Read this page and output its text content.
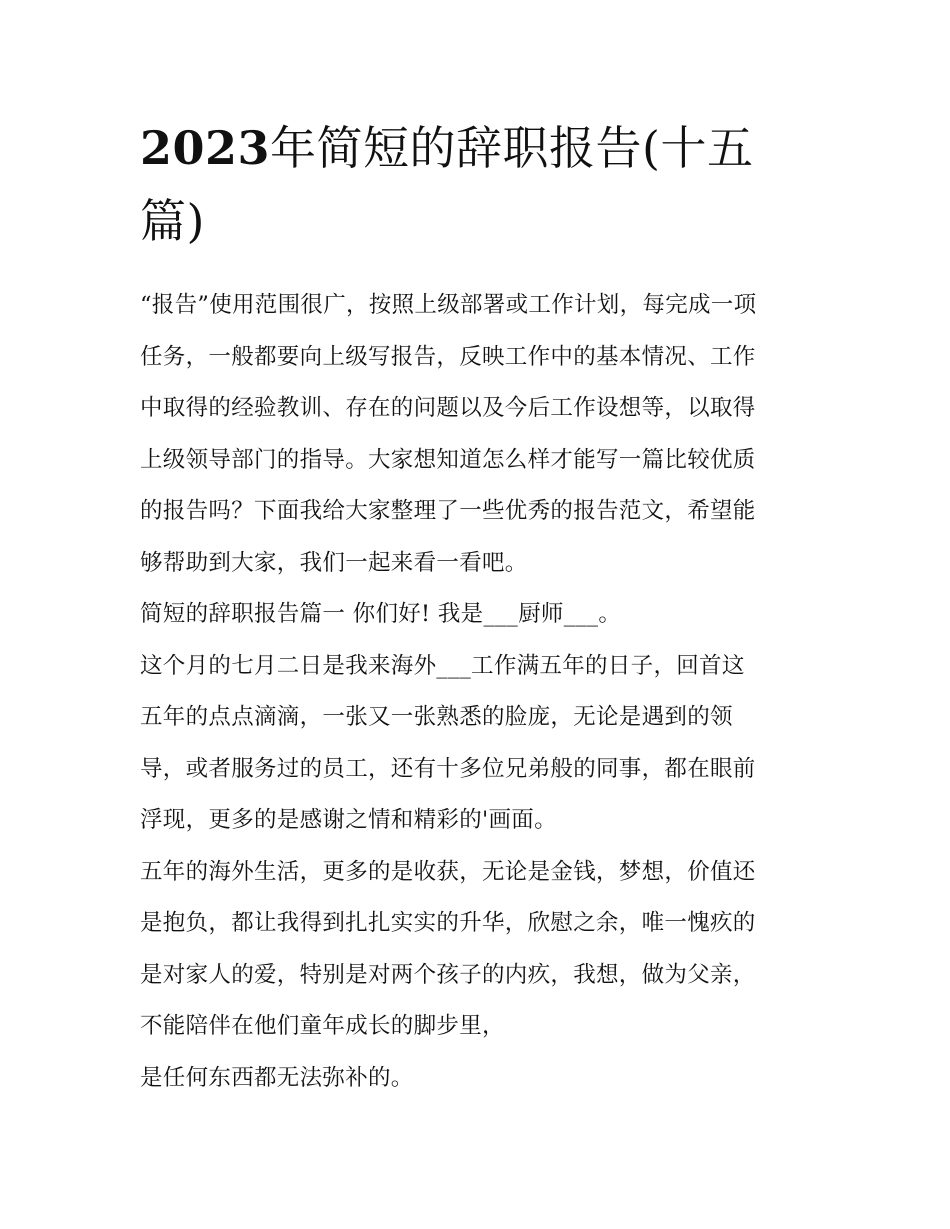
2023年简短的辞职报告(十五
篇)
“报告”使用范围很广，按照上级部署或工作计划，每完成一项
任务，一般都要向上级写报告，反映工作中的基本情况、工作
中取得的经验教训、存在的问题以及今后工作设想等，以取得
上级领导部门的指导。大家想知道怎么样才能写一篇比较优质
的报告吗？下面我给大家整理了一些优秀的报告范文，希望能
够帮助到大家，我们一起来看一看吧。
简短的辞职报告篇一 你们好! 我是___厨师___。
这个月的七月二日是我来海外___工作满五年的日子，回首这
五年的点点滴滴，一张又一张熟悉的脸庞，无论是遇到的领
导，或者服务过的员工，还有十多位兄弟般的同事，都在眼前
浮现，更多的是感谢之情和精彩的'画面。
五年的海外生活，更多的是收获，无论是金钱，梦想，价值还
是抱负，都让我得到扎扎实实的升华，欣慰之余，唯一愧疚的
是对家人的爱，特别是对两个孩子的内疚，我想，做为父亲，
不能陪伴在他们童年成长的脚步里，
是任何东西都无法弥补的。
